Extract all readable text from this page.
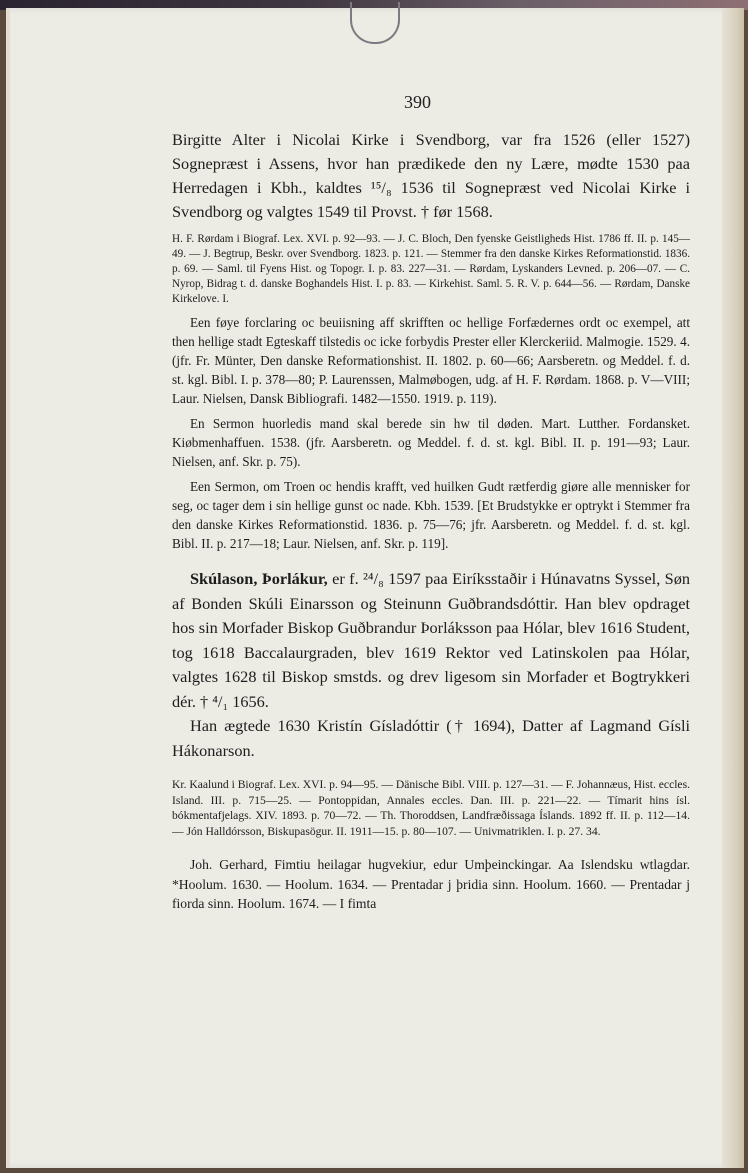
390

Birgitte Alter i Nicolai Kirke i Svendborg, var fra 1526 (eller 1527) Sognepræst i Assens, hvor han prædikede den ny Lære, mødte 1530 paa Herredagen i Kbh., kaldtes ¹⁵/₈ 1536 til Sognepræst ved Nicolai Kirke i Svendborg og valgtes 1549 til Provst. † før 1568.

H. F. Rørdam i Biograf. Lex. XVI. p. 92—93. — J. C. Bloch, Den fyenske Geistligheds Hist. 1786 ff. II. p. 145—49. — J. Begtrup, Beskr. over Svendborg. 1823. p. 121. — Stemmer fra den danske Kirkes Reformationstid. 1836. p. 69. — Saml. til Fyens Hist. og Topogr. I. p. 83. 227—31. — Rørdam, Lyskanders Levned. p. 206—07. — C. Nyrop, Bidrag t. d. danske Boghandels Hist. I. p. 83. — Kirkehist. Saml. 5. R. V. p. 644—56. — Rørdam, Danske Kirkelove. I.

Een føye forclaring oc beuiisning aff skrifften oc hellige Forfædernes ordt oc exempel, att then hellige stadt Egteskaff tilstedis oc icke forbydis Prester eller Klerckeriid. Malmogie. 1529. 4. (jfr. Fr. Münter, Den danske Reformationshist. II. 1802. p. 60—66; Aarsberetn. og Meddel. f. d. st. kgl. Bibl. I. p. 378—80; P. Laurenssen, Malmøbogen, udg. af H. F. Rørdam. 1868. p. V—VIII; Laur. Nielsen, Dansk Bibliografi. 1482—1550. 1919. p. 119).

En Sermon huorledis mand skal berede sin hw til døden. Mart. Lutther. Fordansket. Kiøbmenhaffuen. 1538. (jfr. Aarsberetn. og Meddel. f. d. st. kgl. Bibl. II. p. 191—93; Laur. Nielsen, anf. Skr. p. 75).

Een Sermon, om Troen oc hendis krafft, ved huilken Gudt rætferdig giøre alle mennisker for seg, oc tager dem i sin hellige gunst oc nade. Kbh. 1539. [Et Brudstykke er optrykt i Stemmer fra den danske Kirkes Reformationstid. 1836. p. 75—76; jfr. Aarsberetn. og Meddel. f. d. st. kgl. Bibl. II. p. 217—18; Laur. Nielsen, anf. Skr. p. 119].

Skúlason, Þorlákur, er f. ²⁴/₈ 1597 paa Eiríksstaðir i Húnavatns Syssel, Søn af Bonden Skúli Einarsson og Steinunn Guðbrandsdóttir. Han blev opdraget hos sin Morfader Biskop Guðbrandur Þorláksson paa Hólar, blev 1616 Student, tog 1618 Baccalaurgraden, blev 1619 Rektor ved Latinskolen paa Hólar, valgtes 1628 til Biskop smstds. og drev ligesom sin Morfader et Bogtrykkeri dér. † ⁴/₁ 1656.

Han ægtede 1630 Kristín Gísladóttir († 1694), Datter af Lagmand Gísli Hákonarson.

Kr. Kaalund i Biograf. Lex. XVI. p. 94—95. — Dänische Bibl. VIII. p. 127—31. — F. Johannæus, Hist. eccles. Island. III. p. 715—25. — Pontoppidan, Annales eccles. Dan. III. p. 221—22. — Tímarit hins ísl. bókmentafjelags. XIV. 1893. p. 70—72. — Th. Thoroddsen, Landfræðissaga Íslands. 1892 ff. II. p. 112—14. — Jón Halldórsson, Biskupasögur. II. 1911—15. p. 80—107. — Univmatriklen. I. p. 27. 34.

Joh. Gerhard, Fimtiu heilagar hugvekiur, edur Umþeinckingar. Aa Islendsku wtlagdar. *Hoolum. 1630. — Hoolum. 1634. — Prentadar j þridia sinn. Hoolum. 1660. — Prentadar j fiorda sinn. Hoolum. 1674. — I fimta
